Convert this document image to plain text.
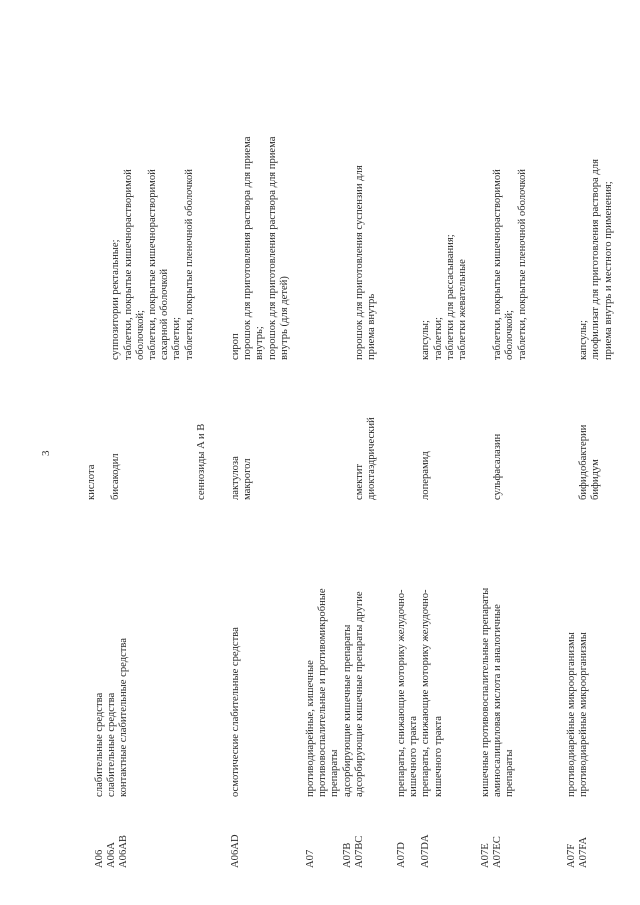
3
A06 A06A A06AB
слабительные средства слабительные средства контактные слабительные средства
кислота бисакодил	сеннозиды A и B
суппозитории ректальные; таблетки, покрытые кишечнорастворимой оболочкой; таблетки, покрытые кишечнорастворимой сахарной оболочкой таблетки; таблетки, покрытые пленочной оболочкой
A06AD
осмотические слабительные средства
лактулоза макрогол
сироп порошок для приготовления раствора для приема внутрь; порошок для приготовления раствора для приема внутрь (для детей)
A07 A07B A07BC
противодиарейные, кишечные противовоспалительные и противомикробные препараты адсорбирующие кишечные препараты адсорбирующие кишечные препараты другие
смектит диоктаэдрический
порошок для приготовления суспензии для приема внутрь
A07D A07DA
препараты, снижающие моторику желудочно- кишечного тракта препараты, снижающие моторику желудочно- кишечного тракта
лоперамид
капсулы; таблетки; таблетки для рассасывания; таблетки жевательные
A07E A07EC
кишечные противовоспалительные препараты аминосалициловая кислота и аналогичные препараты
сульфасалазин
таблетки, покрытые кишечнорастворимой оболочкой; таблетки, покрытые пленочной оболочкой
A07F A07FA
противодиарейные микроорганизмы противодиарейные микроорганизмы
бифидобактерии бифидум
капсулы; лиофилизат для приготовления раствора для приема внутрь и местного применения;
